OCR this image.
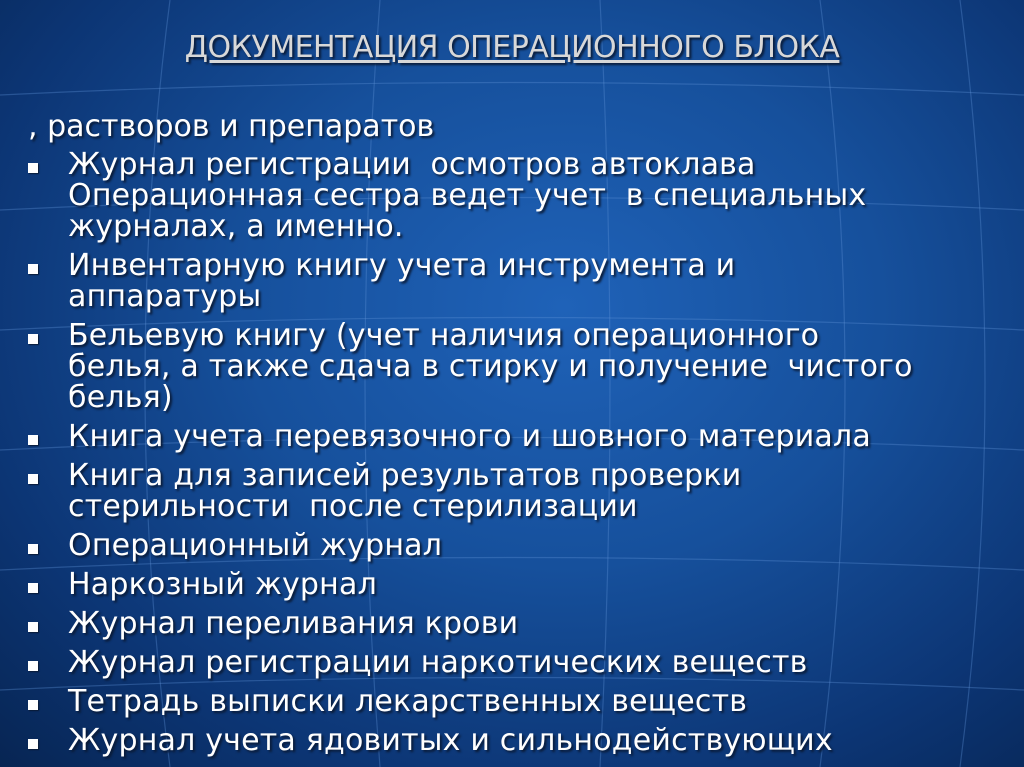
ДОКУМЕНТАЦИЯ ОПЕРАЦИОННОГО БЛОКА
, растворов и препаратов
Журнал регистрации  осмотров автоклава
Операционная сестра ведет учет  в специальных
журналах, а именно.
Инвентарную книгу учета инструмента и
аппаратуры
Бельевую книгу (учет наличия операционного
белья, а также сдача в стирку и получение  чистого
белья)
Книга учета перевязочного и шовного материала
Книга для записей результатов проверки
стерильности  после стерилизации
Операционный журнал
Наркозный журнал
Журнал переливания крови
Журнал регистрации наркотических веществ
Тетрадь выписки лекарственных веществ
Журнал учета ядовитых и сильнодействующих
